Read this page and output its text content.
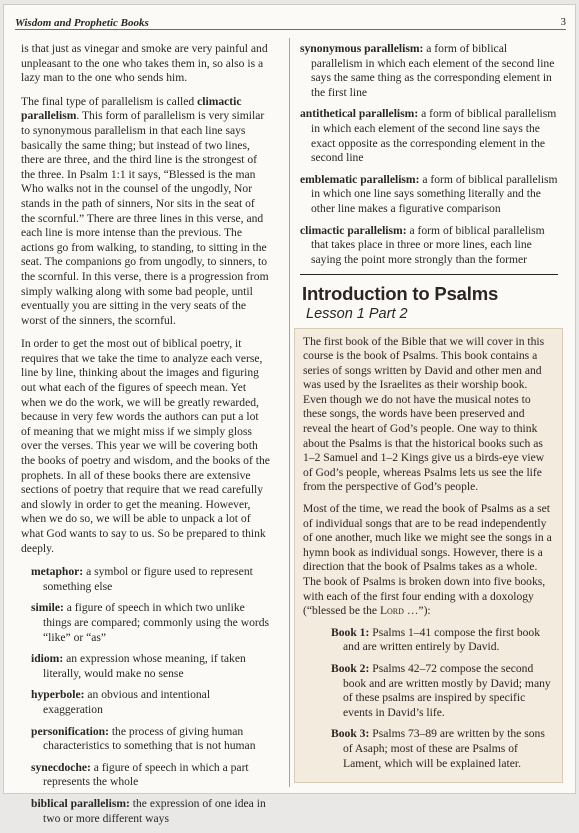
Wisdom and Prophetic Books	3

is that just as vinegar and smoke are very painful and unpleasant to the one who takes them in, so also is a lazy man to the one who sends him.

The final type of parallelism is called climactic parallelism. This form of parallelism is very similar to synonymous parallelism in that each line says basically the same thing; but instead of two lines, there are three, and the third line is the strongest of the three. In Psalm 1:1 it says, “Blessed is the man Who walks not in the counsel of the ungodly, Nor stands in the path of sinners, Nor sits in the seat of the scornful.” There are three lines in this verse, and each line is more intense than the previous. The actions go from walking, to standing, to sitting in the seat. The companions go from ungodly, to sinners, to the scornful. In this verse, there is a progression from simply walking along with some bad people, until eventually you are sitting in the very seats of the worst of the sinners, the scornful.

In order to get the most out of biblical poetry, it requires that we take the time to analyze each verse, line by line, thinking about the images and figuring out what each of the figures of speech mean. Yet when we do the work, we will be greatly rewarded, because in very few words the authors can put a lot of meaning that we might miss if we simply gloss over the verses. This year we will be covering both the books of poetry and wisdom, and the books of the prophets. In all of these books there are extensive sections of poetry that require that we read carefully and slowly in order to get the meaning. However, when we do so, we will be able to unpack a lot of what God wants to say to us. So be prepared to think deeply.

metaphor: a symbol or figure used to represent something else
simile: a figure of speech in which two unlike things are compared; commonly using the words “like” or “as”
idiom: an expression whose meaning, if taken literally, would make no sense
hyperbole: an obvious and intentional exaggeration
personification: the process of giving human characteristics to something that is not human
synecdoche: a figure of speech in which a part represents the whole
biblical parallelism: the expression of one idea in two or more different ways
synonymous parallelism: a form of biblical parallelism in which each element of the second line says the same thing as the corresponding element in the first line
antithetical parallelism: a form of biblical parallelism in which each element of the second line says the exact opposite as the corresponding element in the second line
emblematic parallelism: a form of biblical parallelism in which one line says something literally and the other line makes a figurative comparison
climactic parallelism: a form of biblical parallelism that takes place in three or more lines, each line saying the point more strongly than the former
Introduction to Psalms
Lesson 1 Part 2

The first book of the Bible that we will cover in this course is the book of Psalms. This book contains a series of songs written by David and other men and was used by the Israelites as their worship book. Even though we do not have the musical notes to these songs, the words have been preserved and reveal the heart of God’s people. One way to think about the Psalms is that the historical books such as 1–2 Samuel and 1–2 Kings give us a birds-eye view of God’s people, whereas Psalms lets us see the life from the perspective of God’s people.

Most of the time, we read the book of Psalms as a set of individual songs that are to be read independently of one another, much like we might see the songs in a hymn book as individual songs. However, there is a direction that the book of Psalms takes as a whole. The book of Psalms is broken down into five books, with each of the first four ending with a doxology (“blessed be the Lord …”):

Book 1: Psalms 1–41 compose the first book and are written entirely by David.

Book 2: Psalms 42–72 compose the second book and are written mostly by David; many of these psalms are inspired by specific events in David’s life.

Book 3: Psalms 73–89 are written by the sons of Asaph; most of these are Psalms of Lament, which will be explained later.
